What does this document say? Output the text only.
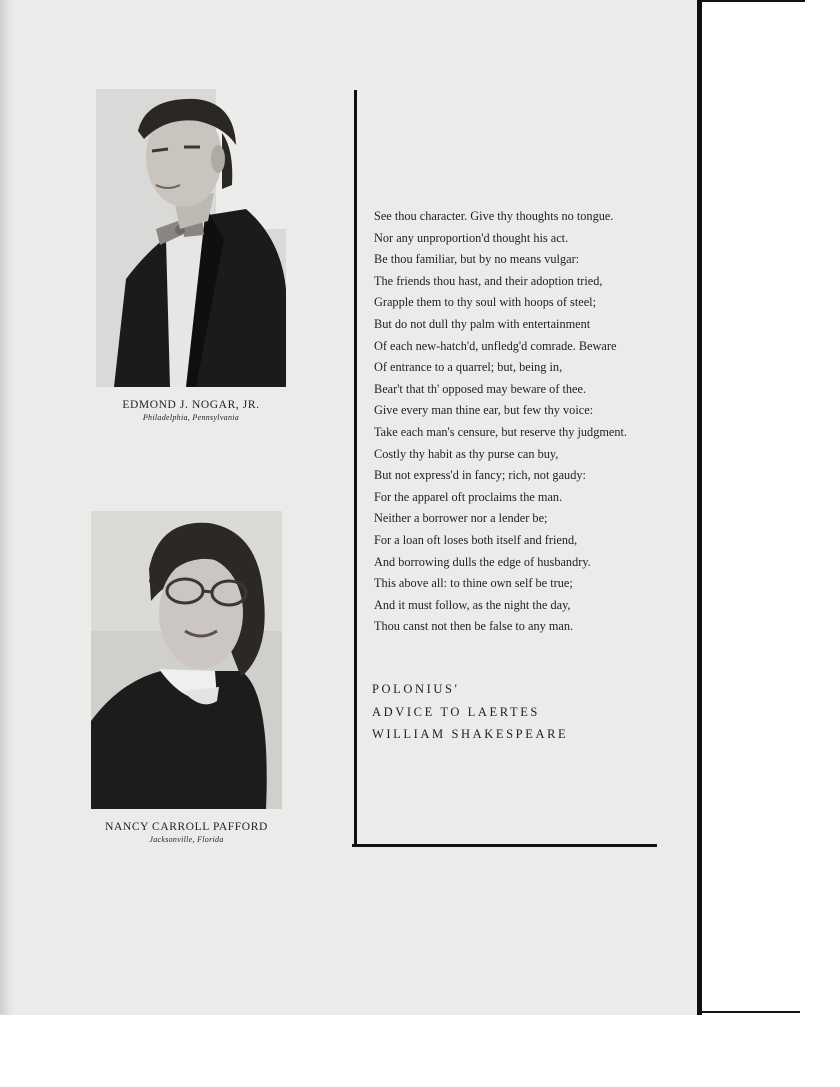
EDMOND J. NOGAR, JR.
Philadelphia, Pennsylvania
NANCY CARROLL PAFFORD
Jacksonville, Florida
See thou character. Give thy thoughts no tongue.
Nor any unproportion'd thought his act.
Be thou familiar, but by no means vulgar:
The friends thou hast, and their adoption tried,
Grapple them to thy soul with hoops of steel;
But do not dull thy palm with entertainment
Of each new-hatch'd, unfledg'd comrade. Beware
Of entrance to a quarrel; but, being in,
Bear't that th' opposed may beware of thee.
Give every man thine ear, but few thy voice:
Take each man's censure, but reserve thy judgment.
Costly thy habit as thy purse can buy,
But not express'd in fancy; rich, not gaudy:
For the apparel oft proclaims the man.
Neither a borrower nor a lender be;
For a loan oft loses both itself and friend,
And borrowing dulls the edge of husbandry.
This above all: to thine own self be true;
And it must follow, as the night the day,
Thou canst not then be false to any man.
POLONIUS'
ADVICE TO LAERTES
WILLIAM SHAKESPEARE
